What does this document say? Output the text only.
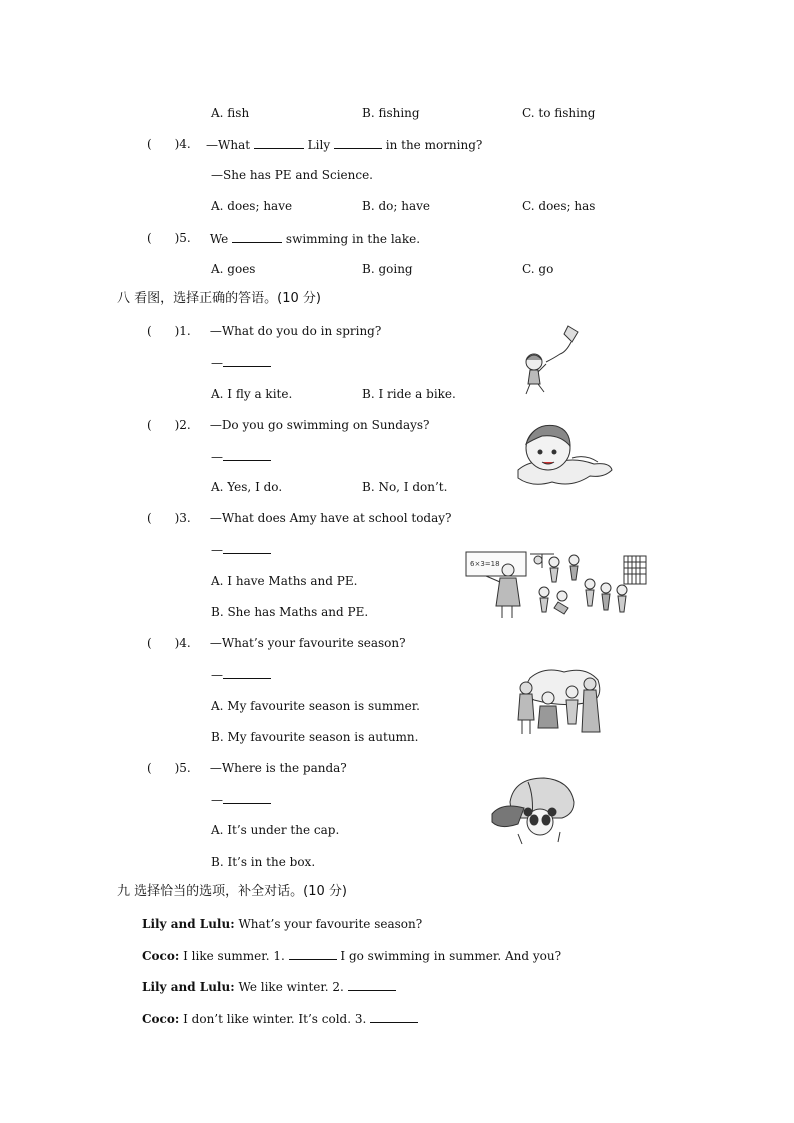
A. fish	B. fishing	C. to fishing
(      )4. —What	Lily	in the morning?
—She has PE and Science.
A. does; have	B. do; have	C. does; has
(      )5. We	swimming in the lake.
A. goes	B. going	C. go
八 看图，选择正确的答语。(10 分)
(      )1. —What do you do in spring?
—
A. I fly a kite.	B. I ride a bike.
(      )2. —Do you go swimming on Sundays?
—
A. Yes, I do.	B. No, I don’t.
(      )3. —What does Amy have at school today?
—
A. I have Maths and PE.
B. She has Maths and PE.
(      )4. —What’s your favourite season?
—
A. My favourite season is summer.
B. My favourite season is autumn.
(      )5. —Where is the panda?
—
A. It’s under the cap.
B. It’s in the box.
6×3=18
九 选择恰当的选项，补全对话。(10 分)
Lily and Lulu: What’s your favourite season?
Coco: I like summer. 1.	I go swimming in summer. And you?
Lily and Lulu: We like winter. 2.
Coco: I don’t like winter. It’s cold. 3.
